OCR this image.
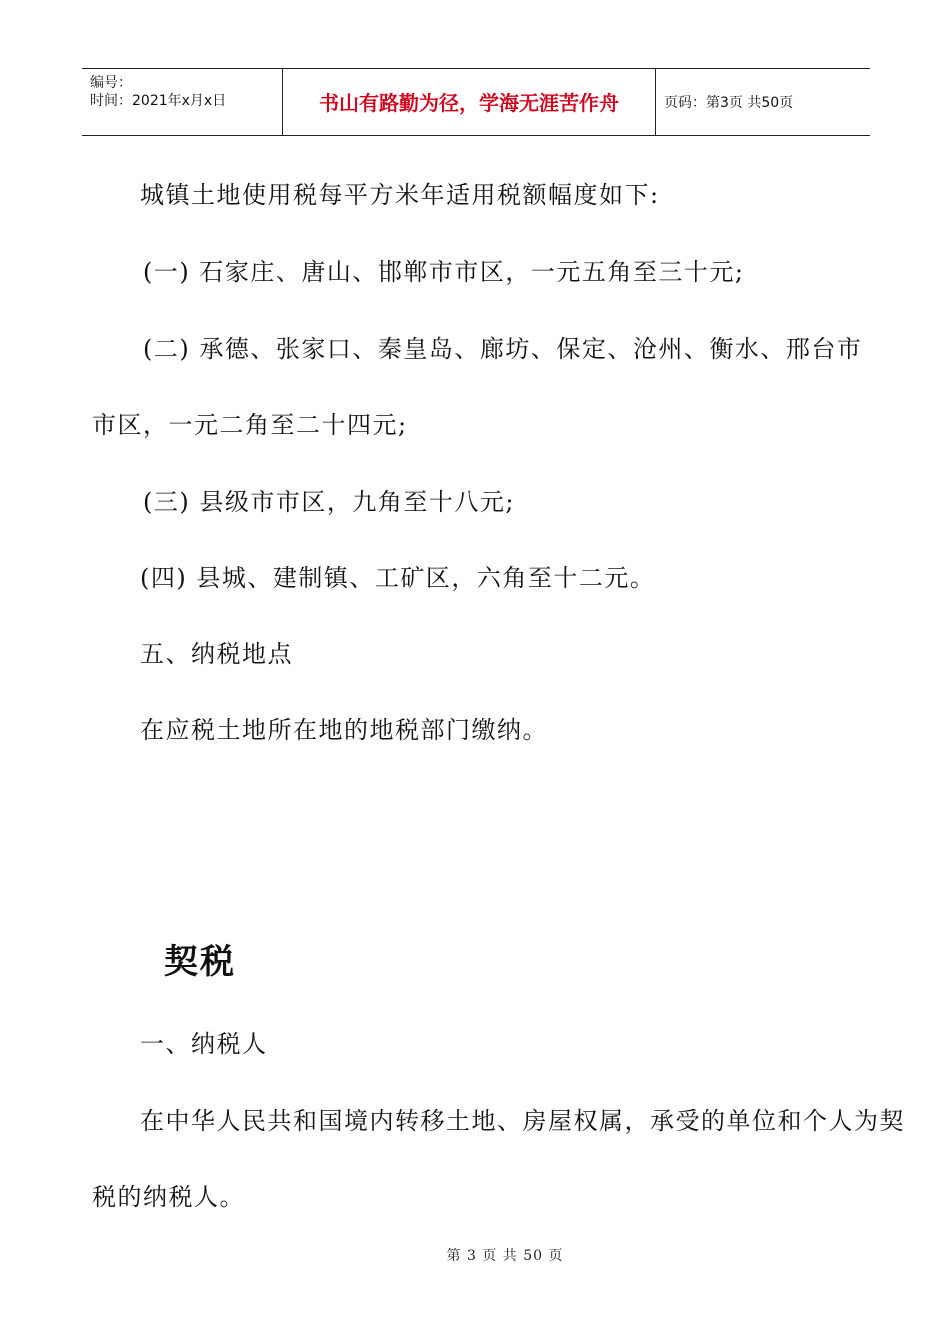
编号：
时间：2021年x月x日	书山有路勤为径，学海无涯苦作舟	页码：第3页 共50页
城镇土地使用税每平方米年适用税额幅度如下:
(一) 石家庄、唐山、邯郸市市区，一元五角至三十元;
(二) 承德、张家口、秦皇岛、廊坊、保定、沧州、衡水、邢台市
市区，一元二角至二十四元;
(三) 县级市市区，九角至十八元;
(四) 县城、建制镇、工矿区，六角至十二元。
五、纳税地点
在应税土地所在地的地税部门缴纳。
契税
一、纳税人
在中华人民共和国境内转移土地、房屋权属，承受的单位和个人为契
税的纳税人。
第 3 页 共 50 页
